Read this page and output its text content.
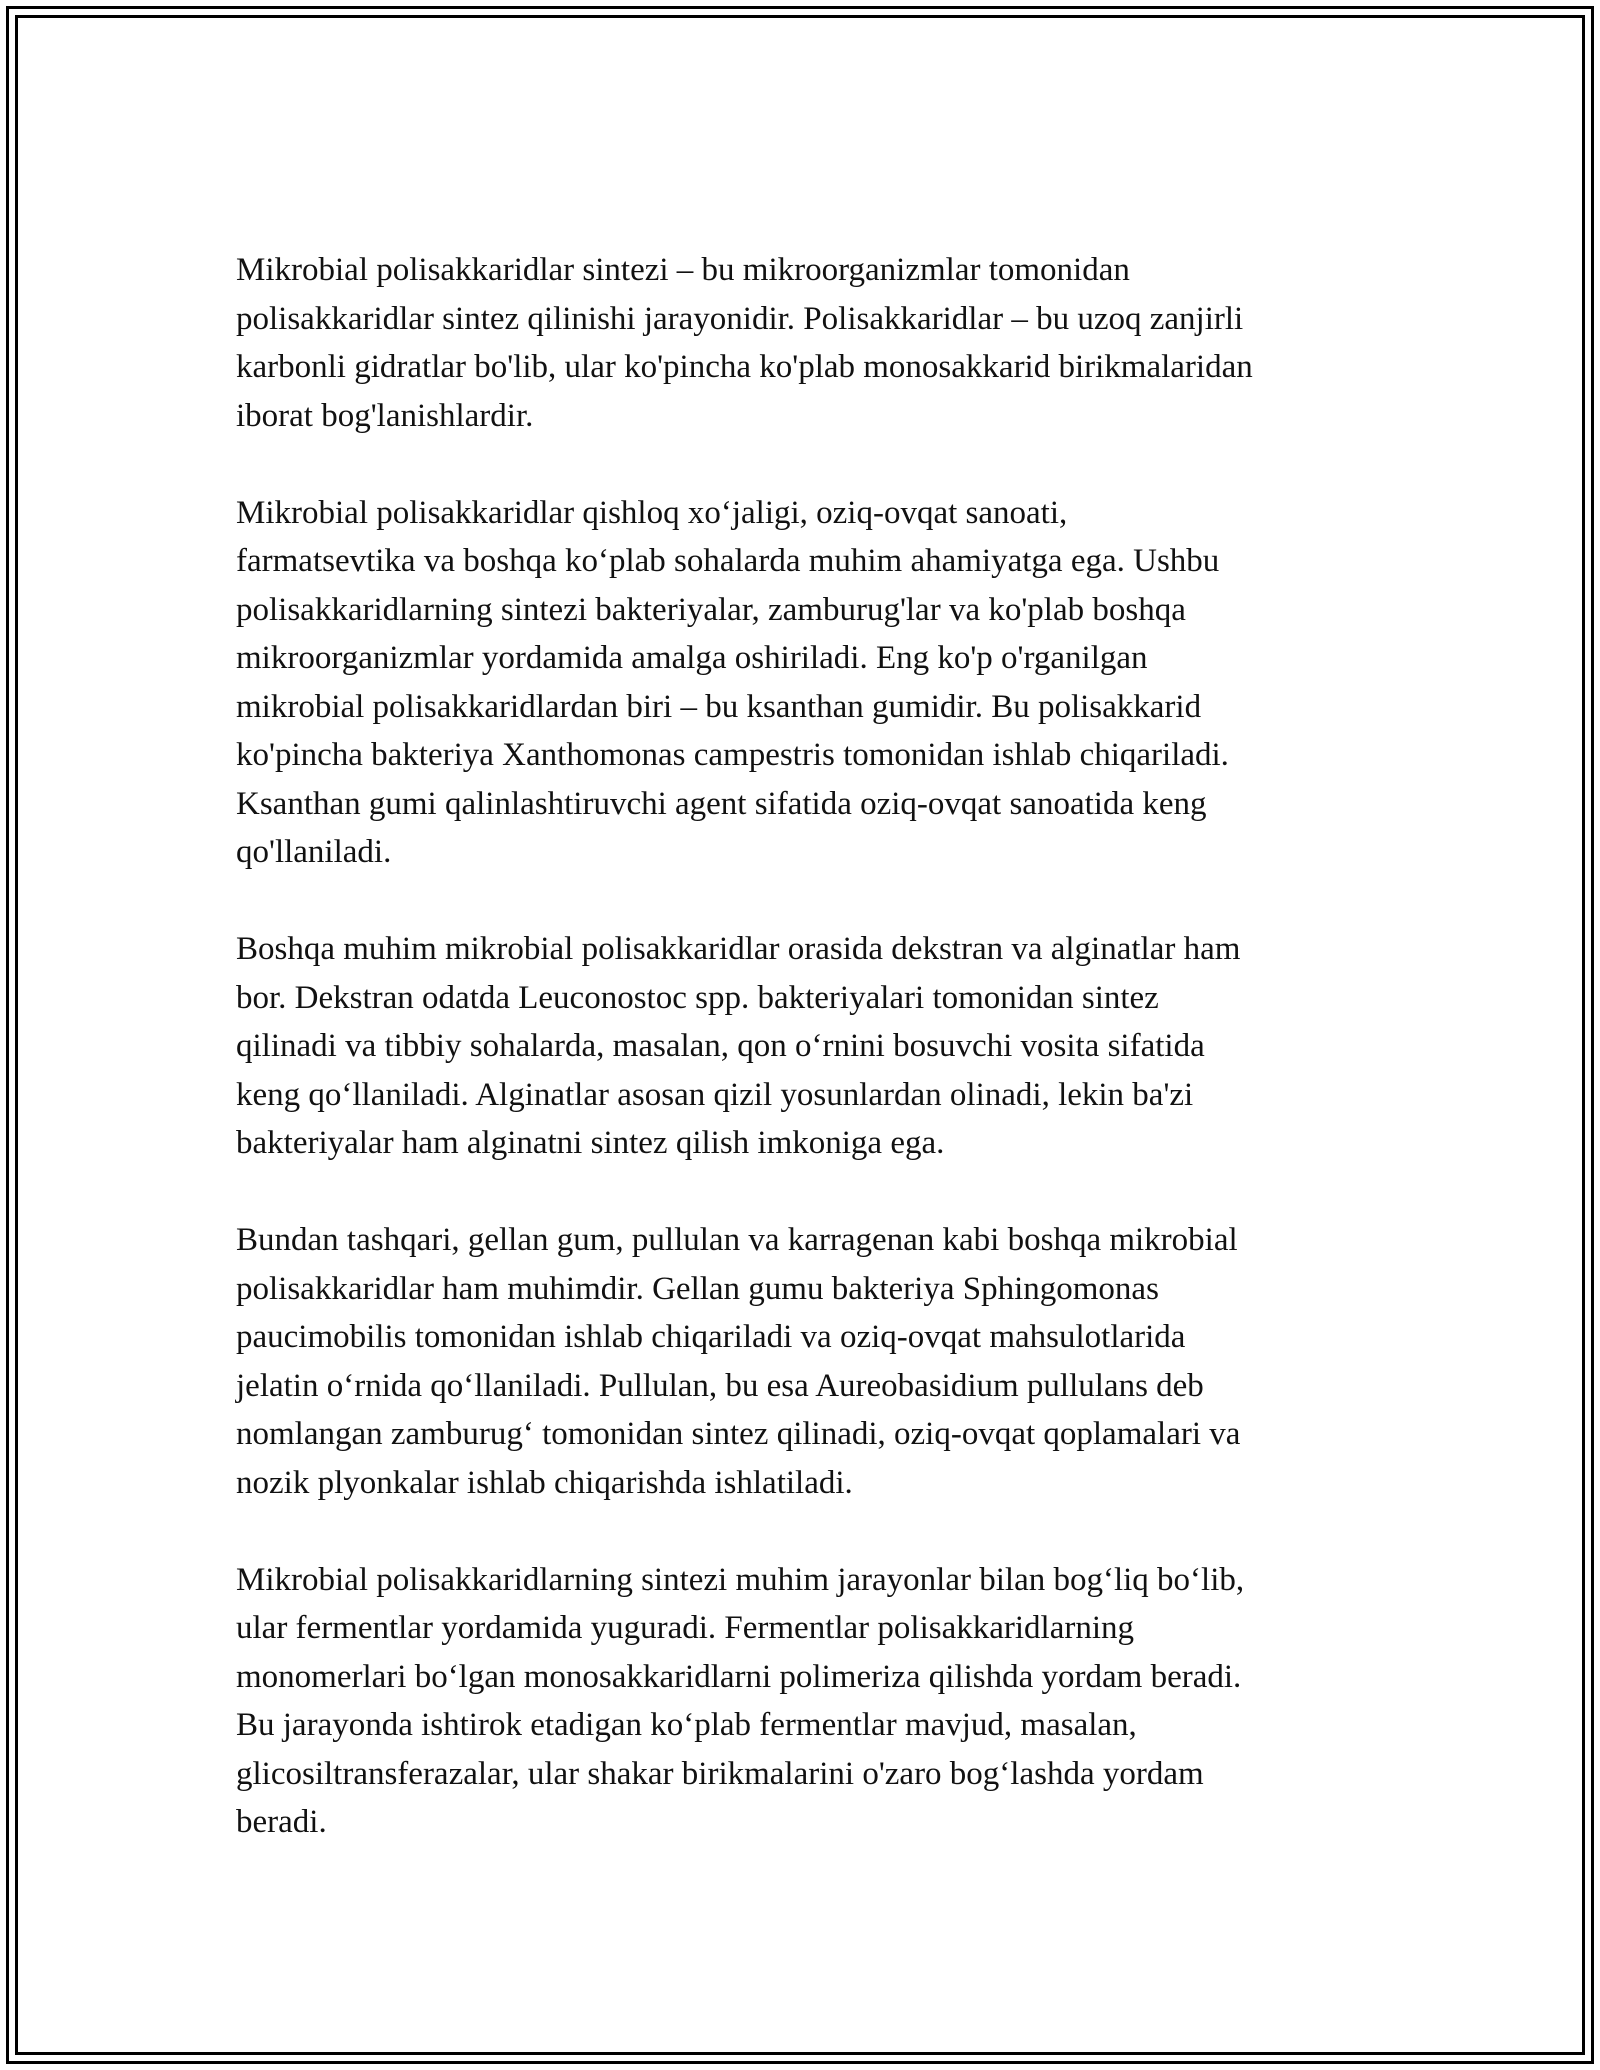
Mikrobial polisakkaridlar sintezi – bu mikroorganizmlar tomonidan
polisakkaridlar sintez qilinishi jarayonidir. Polisakkaridlar – bu uzoq zanjirli
karbonli gidratlar bo'lib, ular ko'pincha ko'plab monosakkarid birikmalaridan
iborat bog'lanishlardir.

Mikrobial polisakkaridlar qishloq xo‘jaligi, oziq-ovqat sanoati,
farmatsevtika va boshqa ko‘plab sohalarda muhim ahamiyatga ega. Ushbu
polisakkaridlarning sintezi bakteriyalar, zamburug'lar va ko'plab boshqa
mikroorganizmlar yordamida amalga oshiriladi. Eng ko'p o'rganilgan
mikrobial polisakkaridlardan biri – bu ksanthan gumidir. Bu polisakkarid
ko'pincha bakteriya Xanthomonas campestris tomonidan ishlab chiqariladi.
Ksanthan gumi qalinlashtiruvchi agent sifatida oziq-ovqat sanoatida keng
qo'llaniladi.

Boshqa muhim mikrobial polisakkaridlar orasida dekstran va alginatlar ham
bor. Dekstran odatda Leuconostoc spp. bakteriyalari tomonidan sintez
qilinadi va tibbiy sohalarda, masalan, qon o‘rnini bosuvchi vosita sifatida
keng qo‘llaniladi. Alginatlar asosan qizil yosunlardan olinadi, lekin ba'zi
bakteriyalar ham alginatni sintez qilish imkoniga ega.

Bundan tashqari, gellan gum, pullulan va karragenan kabi boshqa mikrobial
polisakkaridlar ham muhimdir. Gellan gumu bakteriya Sphingomonas
paucimobilis tomonidan ishlab chiqariladi va oziq-ovqat mahsulotlarida
jelatin o‘rnida qo‘llaniladi. Pullulan, bu esa Aureobasidium pullulans deb
nomlangan zamburug‘ tomonidan sintez qilinadi, oziq-ovqat qoplamalari va
nozik plyonkalar ishlab chiqarishda ishlatiladi.

Mikrobial polisakkaridlarning sintezi muhim jarayonlar bilan bog‘liq bo‘lib,
ular fermentlar yordamida yuguradi. Fermentlar polisakkaridlarning
monomerlari bo‘lgan monosakkaridlarni polimeriza qilishda yordam beradi.
Bu jarayonda ishtirok etadigan ko‘plab fermentlar mavjud, masalan,
glicosiltransferazalar, ular shakar birikmalarini o'zaro bog‘lashda yordam
beradi.
